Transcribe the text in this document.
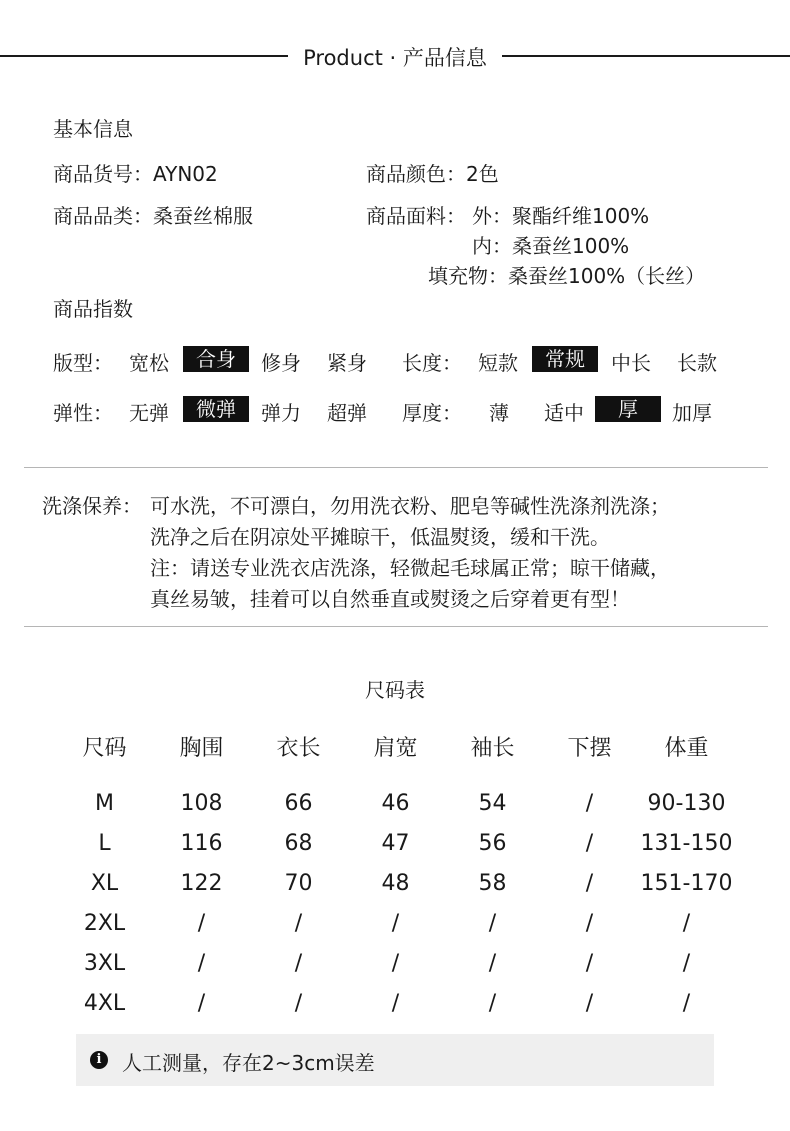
Product · 产品信息
基本信息
商品货号：AYN02	商品颜色：2色
商品品类：桑蚕丝棉服	商品面料： 外：聚酯纤维100%
内：桑蚕丝100%
填充物：桑蚕丝100%（长丝）
商品指数
版型： 宽松	合身	修身 紧身 长度： 短款	常规	中长 长款
弹性： 无弹	微弹	弹力 超弹 厚度： 薄 适中	厚	加厚
洗涤保养： 可水洗，不可漂白，勿用洗衣粉、肥皂等碱性洗涤剂洗涤；
洗净之后在阴凉处平摊晾干，低温熨烫，缓和干洗。
注：请送专业洗衣店洗涤，轻微起毛球属正常；晾干储藏，
真丝易皱，挂着可以自然垂直或熨烫之后穿着更有型！
尺码表
尺码	胸围	衣长	肩宽	袖长	下摆	体重
M	108	66	46	54	/	90-130
L	116	68	47	56	/	131-150
XL	122	70	48	58	/	151-170
2XL	/	/	/	/	/	/
3XL	/	/	/	/	/	/
4XL	/	/	/	/	/	/
i	人工测量，存在2~3cm误差
